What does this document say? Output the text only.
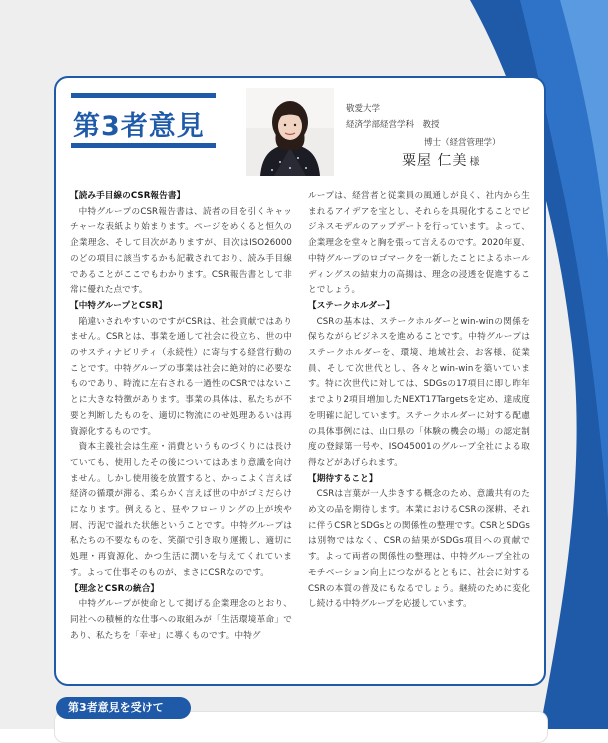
第3者意見
敬愛大学
経済学部経営学科　教授
博士（経営管理学）
粟屋 仁美 様

【読み手目線のCSR報告書】

中特グループのCSR報告書は、読者の目を引くキャッチャーな表紙より始まります。ページをめくると恒久の企業理念、そして目次がありますが、目次はISO26000のどの項目に該当するかも記載されており、読み手目線であることがここでもわかります。CSR報告書として非常に優れた点です。

【中特グループとCSR】

陥違いされやすいのですがCSRは、社会貢献ではありません。CSRとは、事業を通して社会に役立ち、世の中のサスティナビリティ（永続性）に寄与する経営行動のことです。中特グループの事業は社会に絶対的に必要なものであり、時流に左右される一過性のCSRではないことに大きな特徴があります。事業の具体は、私たちが不要と判断したものを、適切に物流にのせ処理あるいは再資源化するものです。

資本主義社会は生産・消費というものづくりには長けていても、使用したその後についてはあまり意識を向けません。しかし使用後を放置すると、かっこよく言えば経済の循環が滞る、柔らかく言えば世の中がゴミだらけになります。例えると、昼やフローリングの上が埃や屑、汚泥で溢れた状態ということです。中特グループは私たちの不要なものを、笑顔で引き取り運搬し、適切に処理・再資源化、かつ生活に潤いを与えてくれています。よって仕事そのものが、まさにCSRなのです。

【理念とCSRの統合】

中特グループが使命として掲げる企業理念のとおり、同社への積極的な仕事への取組みが「生活環境革命」であり、私たちを「幸せ」に導くものです。中特グ

ループは、経営者と従業員の風通しが良く、社内から生まれるアイデアを宝とし、それらを具現化することでビジネスモデルのアップデートを行っています。よって、企業理念を堂々と胸を張って言えるのです。2020年夏、中特グループのロゴマークを一新したことによるホールディングスの結束力の高揚は、理念の浸透を促進することでしょう。

【ステークホルダー】

CSRの基本は、ステークホルダーとwin-winの関係を保ちながらビジネスを進めることです。中特グループはステークホルダーを、環境、地域社会、お客様、従業員、そして次世代とし、各々とwin-winを築いています。特に次世代に対しては、SDGsの17項目に即し昨年までより2項目増加したNEXT17Targetsを定め、達成度を明確に記しています。ステークホルダーに対する配慮の具体事例には、山口県の「体験の機会の場」の認定制度の登録第一号や、ISO45001のグループ全社による取得などがあげられます。

【期待すること】

CSRは言葉が一人歩きする概念のため、意識共有のため文の品を期待します。本業におけるCSRの深耕、それに伴うCSRとSDGsとの関係性の整理です。CSRとSDGsは別物ではなく、CSRの結果がSDGs項目への貢献です。よって両者の関係性の整理は、中特グループ全社のモチベーション向上につながるとともに、社会に対するCSRの本質の普及にもなるでしょう。継続のために変化し続ける中特グループを応援しています。

第3者意見を受けて
